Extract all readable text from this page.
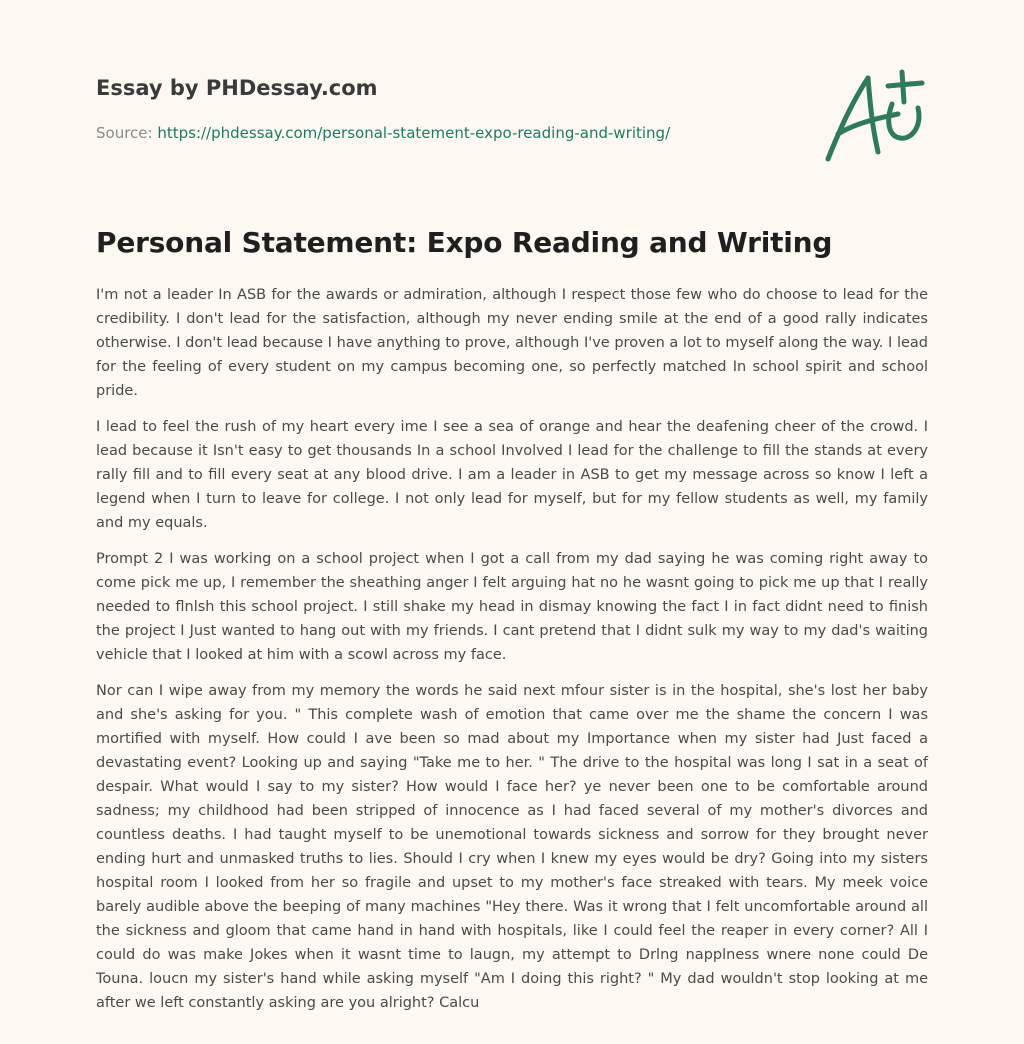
Essay by PHDessay.com

Source: https://phdessay.com/personal-statement-expo-reading-and-writing/

Personal Statement: Expo Reading and Writing

I'm not a leader In ASB for the awards or admiration, although I respect those few who do choose to lead for the credibility. I don't lead for the satisfaction, although my never ending smile at the end of a good rally indicates otherwise. I don't lead because I have anything to prove, although I've proven a lot to myself along the way. I lead for the feeling of every student on my campus becoming one, so perfectly matched In school spirit and school pride.

I lead to feel the rush of my heart every ime I see a sea of orange and hear the deafening cheer of the crowd. I lead because it Isn't easy to get thousands In a school Involved I lead for the challenge to fill the stands at every rally fill and to fill every seat at any blood drive. I am a leader in ASB to get my message across so know I left a legend when I turn to leave for college. I not only lead for myself, but for my fellow students as well, my family and my equals.

Prompt 2 I was working on a school project when I got a call from my dad saying he was coming right away to come pick me up, I remember the sheathing anger I felt arguing hat no he wasnt going to pick me up that I really needed to flnlsh this school project. I still shake my head in dismay knowing the fact I in fact didnt need to finish the project I Just wanted to hang out with my friends. I cant pretend that I didnt sulk my way to my dad's waiting vehicle that I looked at him with a scowl across my face.

Nor can I wipe away from my memory the words he said next mfour sister is in the hospital, she's lost her baby and she's asking for you. " This complete wash of emotion that came over me the shame the concern I was mortified with myself. How could I ave been so mad about my Importance when my sister had Just faced a devastating event? Looking up and saying "Take me to her. " The drive to the hospital was long I sat in a seat of despair. What would I say to my sister? How would I face her? ye never been one to be comfortable around sadness; my childhood had been stripped of innocence as I had faced several of my mother's divorces and countless deaths. I had taught myself to be unemotional towards sickness and sorrow for they brought never ending hurt and unmasked truths to lies. Should I cry when I knew my eyes would be dry? Going into my sisters hospital room I looked from her so fragile and upset to my mother's face streaked with tears. My meek voice barely audible above the beeping of many machines "Hey there. Was it wrong that I felt uncomfortable around all the sickness and gloom that came hand in hand with hospitals, like I could feel the reaper in every corner? All I could do was make Jokes when it wasnt time to laugn, my attempt to Drlng napplness wnere none could De Touna. loucn my sister's hand while asking myself "Am I doing this right? " My dad wouldn't stop looking at me after we left constantly asking are you alright? Calcu
